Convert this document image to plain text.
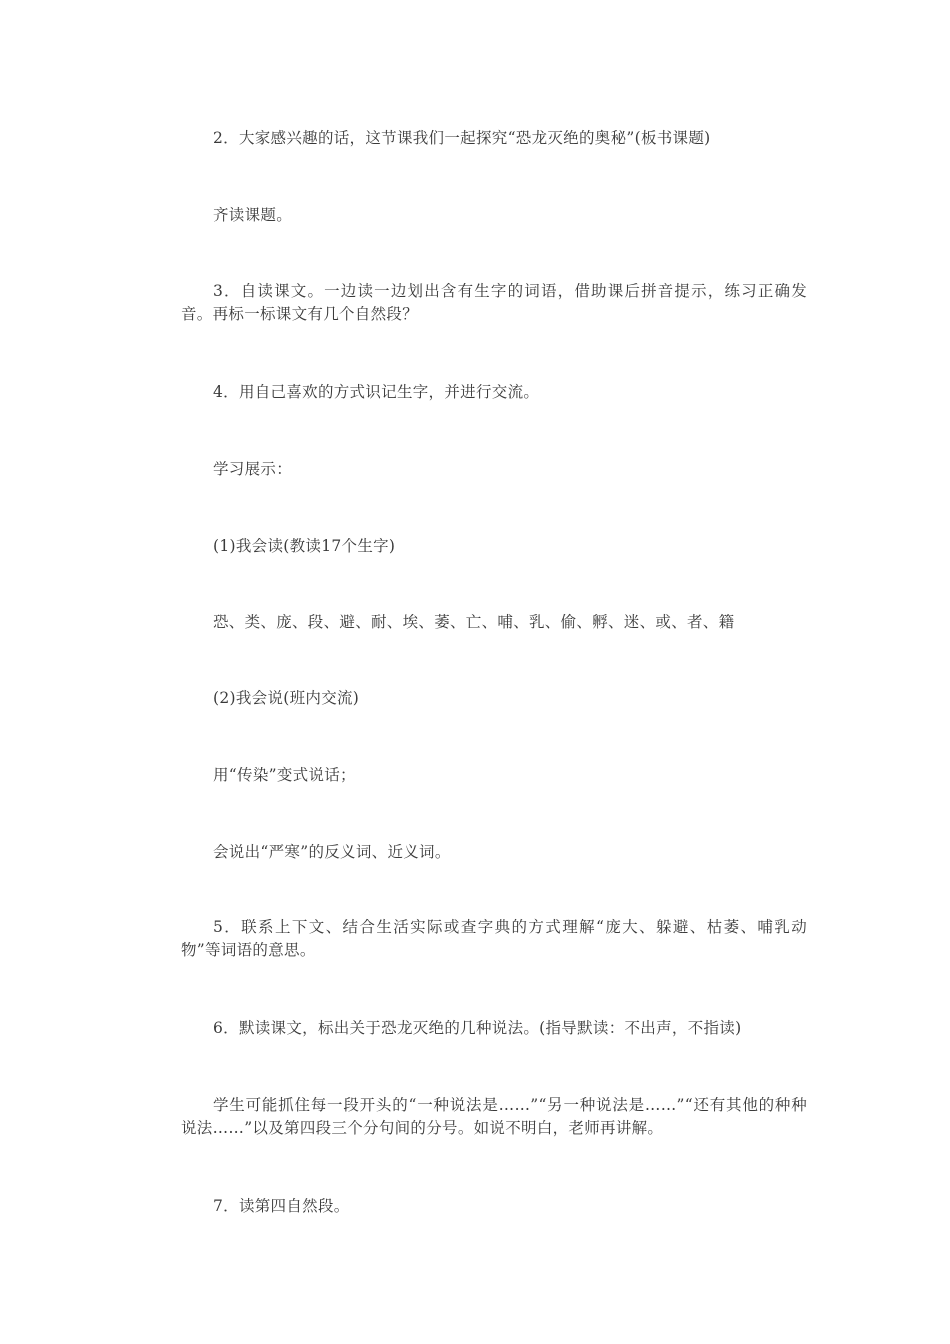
2．大家感兴趣的话，这节课我们一起探究“恐龙灭绝的奥秘”(板书课题)

齐读课题。

3．自读课文。一边读一边划出含有生字的词语，借助课后拼音提示，练习正确发音。再标一标课文有几个自然段？

4．用自己喜欢的方式识记生字，并进行交流。

学习展示：

(1)我会读(教读17个生字)

恐、类、庞、段、避、耐、埃、萎、亡、哺、乳、偷、孵、迷、或、者、籍

(2)我会说(班内交流)

用“传染”变式说话；

会说出“严寒”的反义词、近义词。

5．联系上下文、结合生活实际或查字典的方式理解“庞大、躲避、枯萎、哺乳动物”等词语的意思。

6．默读课文，标出关于恐龙灭绝的几种说法。(指导默读：不出声，不指读)

学生可能抓住每一段开头的“一种说法是……”“另一种说法是……”“还有其他的种种说法……”以及第四段三个分句间的分号。如说不明白，老师再讲解。

7．读第四自然段。
